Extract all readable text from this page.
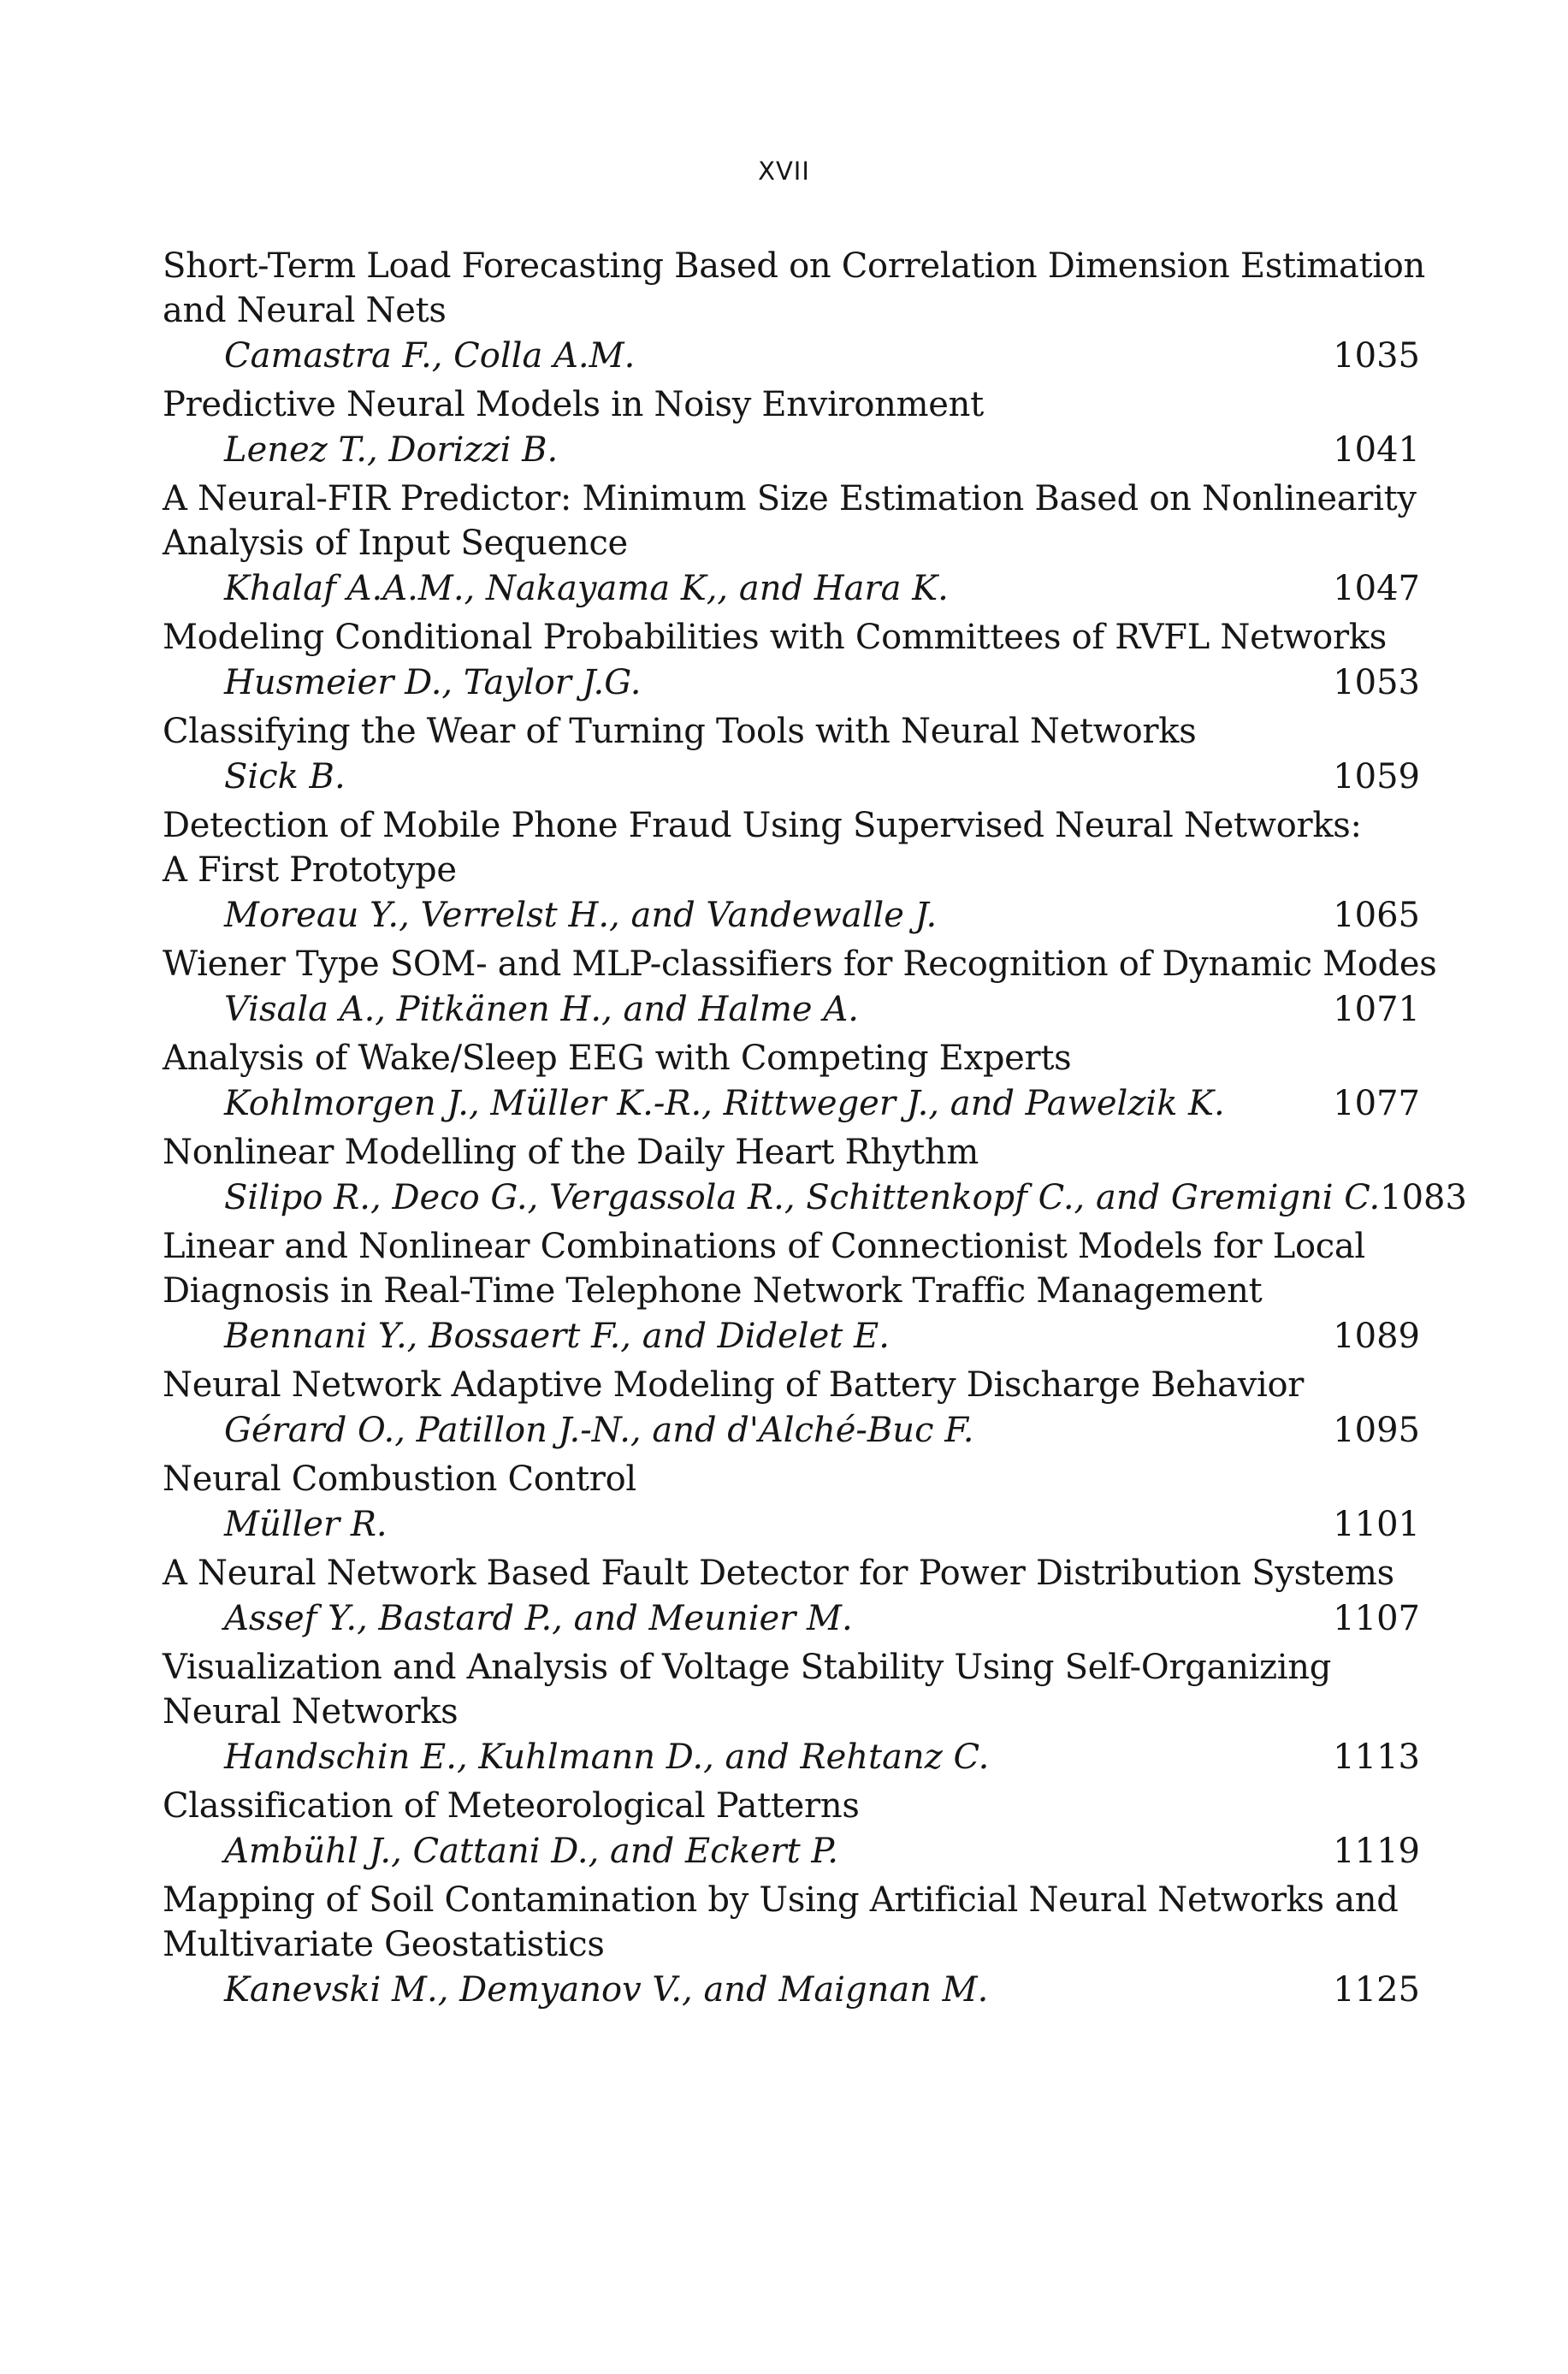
XVII
Short-Term Load Forecasting Based on Correlation Dimension Estimation
and Neural Nets
Camastra F., Colla A.M.	1035
Predictive Neural Models in Noisy Environment
Lenez T., Dorizzi B.	1041
A Neural-FIR Predictor: Minimum Size Estimation Based on Nonlinearity
Analysis of Input Sequence
Khalaf A.A.M., Nakayama K,, and Hara K.	1047
Modeling Conditional Probabilities with Committees of RVFL Networks
Husmeier D., Taylor J.G.	1053
Classifying the Wear of Turning Tools with Neural Networks
Sick B.	1059
Detection of Mobile Phone Fraud Using Supervised Neural Networks:
A First Prototype
Moreau Y., Verrelst H., and Vandewalle J.	1065
Wiener Type SOM- and MLP-classifiers for Recognition of Dynamic Modes
Visala A., Pitkänen H., and Halme A.	1071
Analysis of Wake/Sleep EEG with Competing Experts
Kohlmorgen J., Müller K.-R., Rittweger J., and Pawelzik K.	1077
Nonlinear Modelling of the Daily Heart Rhythm
Silipo R., Deco G., Vergassola R., Schittenkopf C., and Gremigni C. 1083
Linear and Nonlinear Combinations of Connectionist Models for Local
Diagnosis in Real-Time Telephone Network Traffic Management
Bennani Y., Bossaert F., and Didelet E.	1089
Neural Network Adaptive Modeling of Battery Discharge Behavior
Gérard O., Patillon J.-N., and d'Alché-Buc F.	1095
Neural Combustion Control
Müller R.	1101
A Neural Network Based Fault Detector for Power Distribution Systems
Assef Y., Bastard P., and Meunier M.	1107
Visualization and Analysis of Voltage Stability Using Self-Organizing
Neural Networks
Handschin E., Kuhlmann D., and Rehtanz C.	1113
Classification of Meteorological Patterns
Ambühl J., Cattani D., and Eckert P.	1119
Mapping of Soil Contamination by Using Artificial Neural Networks and
Multivariate Geostatistics
Kanevski M., Demyanov V., and Maignan M.	1125
